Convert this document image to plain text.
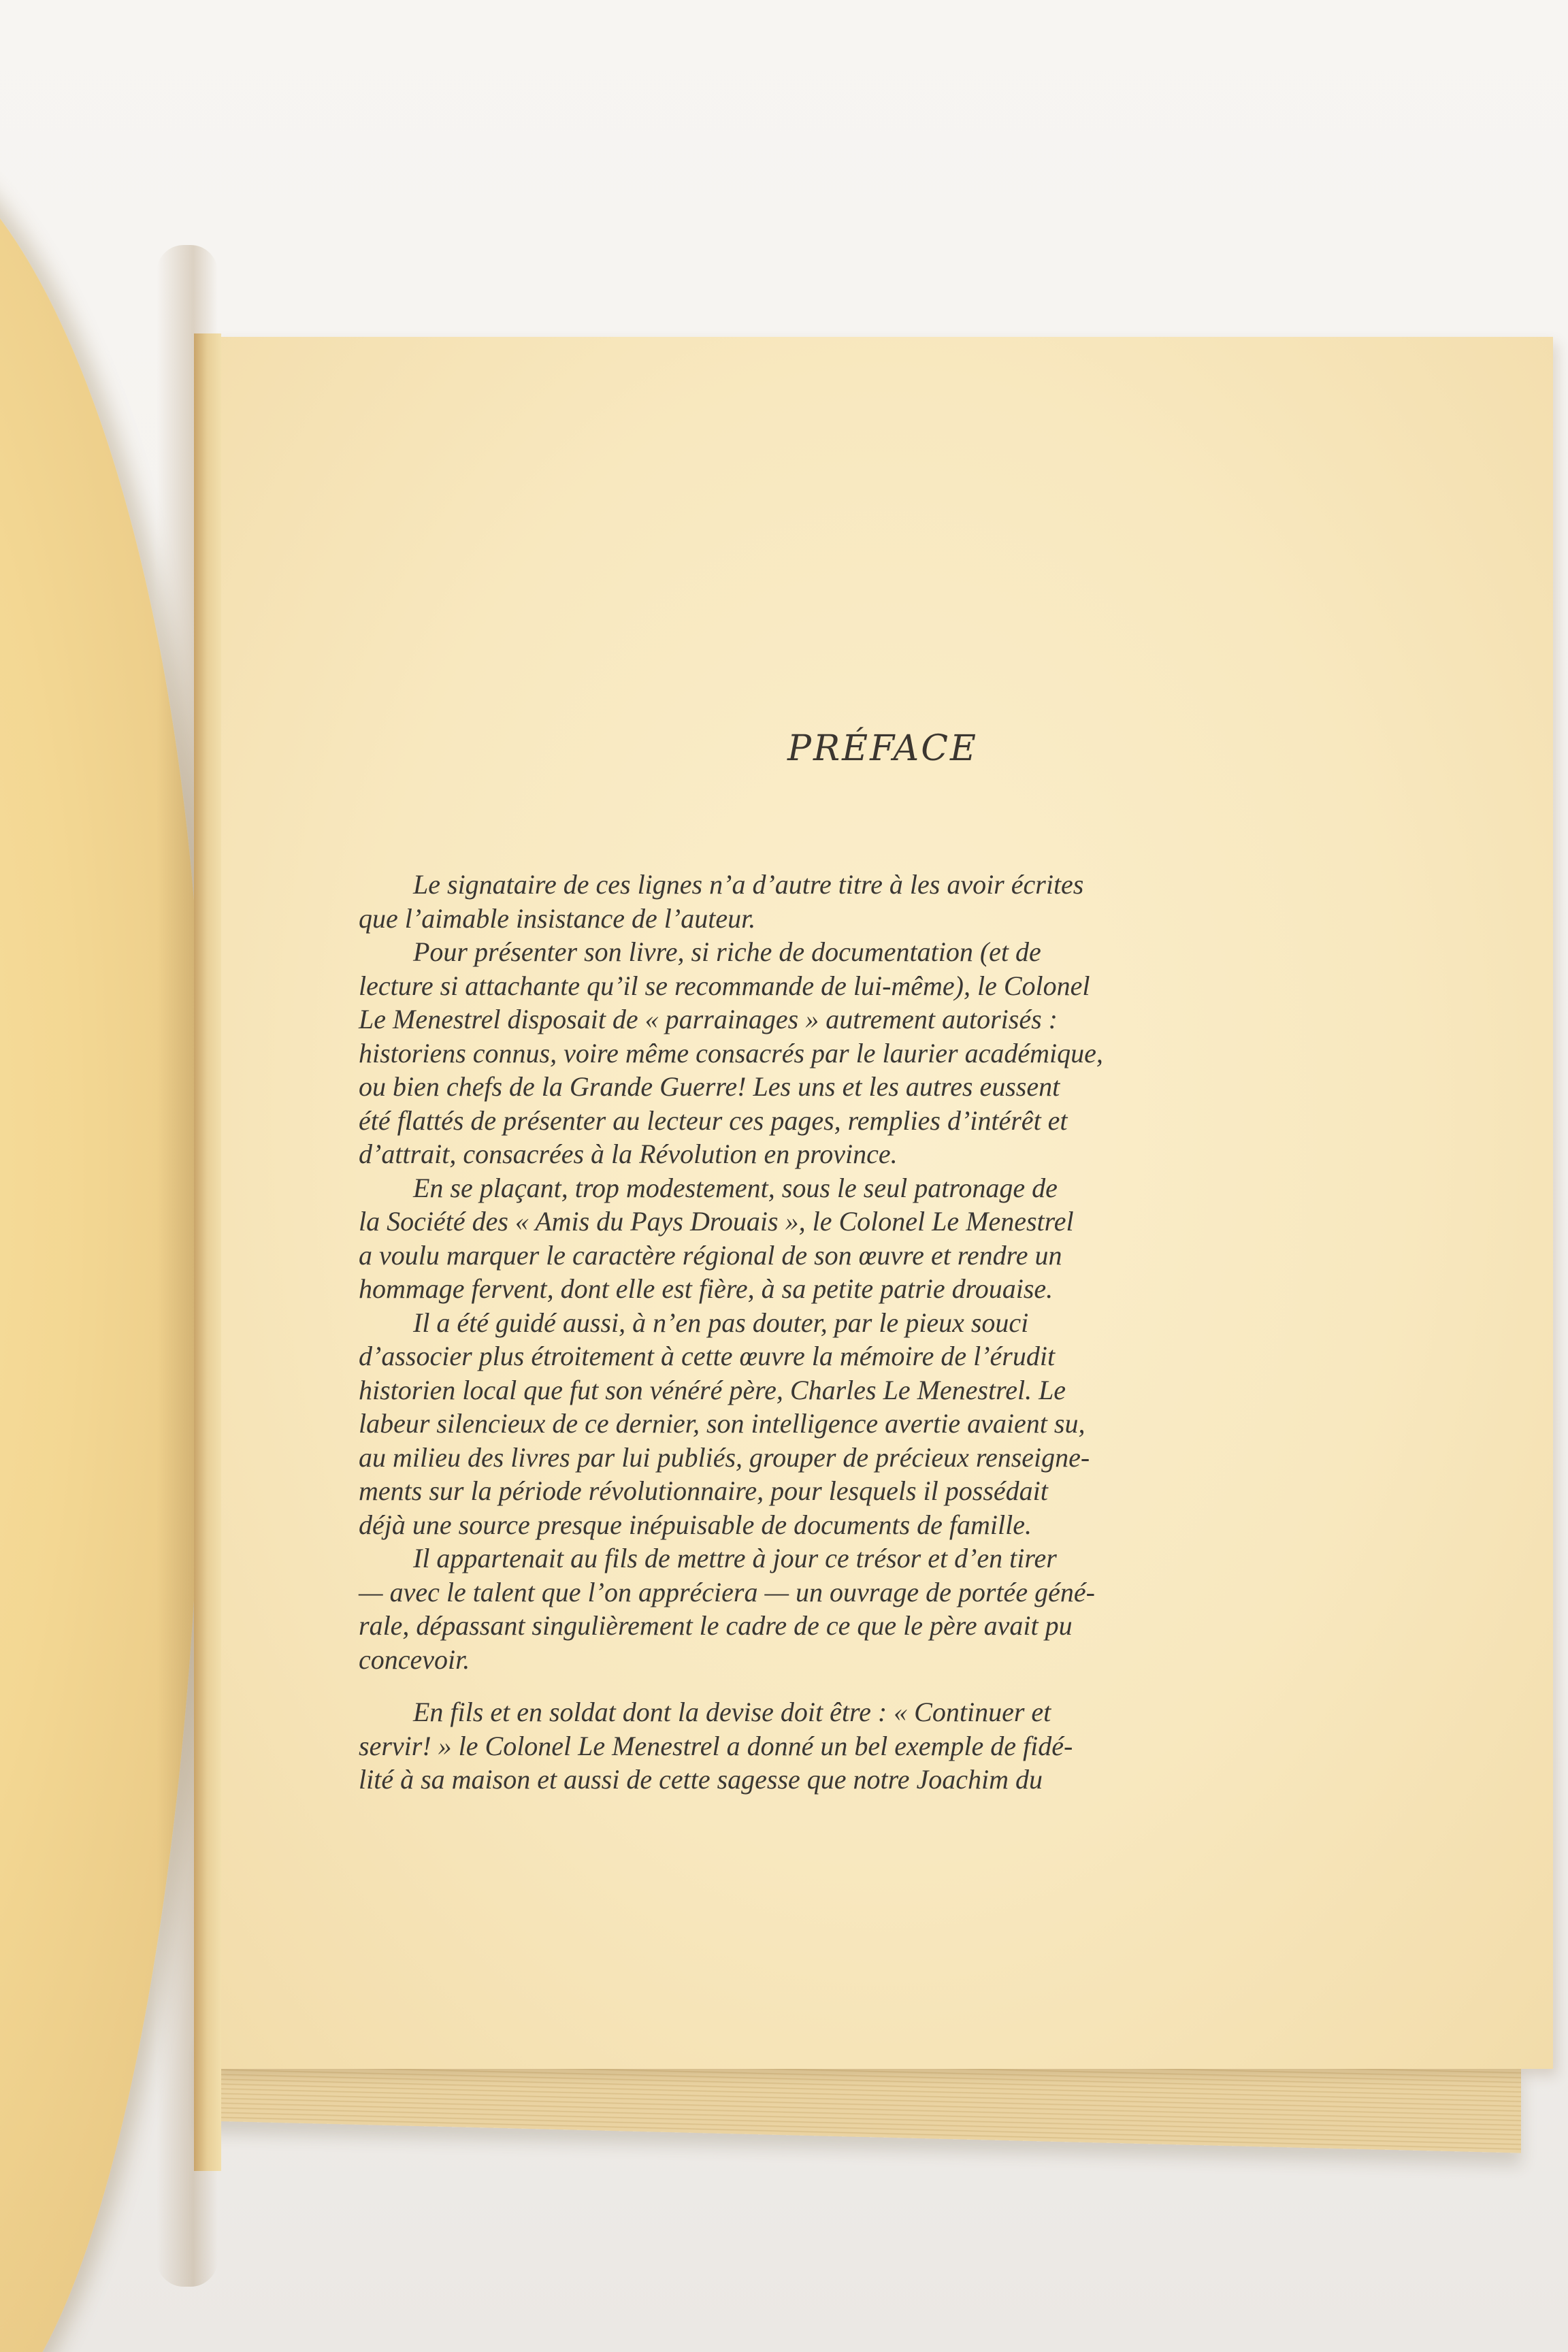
PRÉFACE
Le signataire de ces lignes n’a d’autre titre à les avoir écrites
que l’aimable insistance de l’auteur.
Pour présenter son livre, si riche de documentation (et de
lecture si attachante qu’il se recommande de lui-même), le Colonel
Le Menestrel disposait de « parrainages » autrement autorisés :
historiens connus, voire même consacrés par le laurier académique,
ou bien chefs de la Grande Guerre! Les uns et les autres eussent
été flattés de présenter au lecteur ces pages, remplies d’intérêt et
d’attrait, consacrées à la Révolution en province.
En se plaçant, trop modestement, sous le seul patronage de
la Société des « Amis du Pays Drouais », le Colonel Le Menestrel
a voulu marquer le caractère régional de son œuvre et rendre un
hommage fervent, dont elle est fière, à sa petite patrie drouaise.
Il a été guidé aussi, à n’en pas douter, par le pieux souci
d’associer plus étroitement à cette œuvre la mémoire de l’érudit
historien local que fut son vénéré père, Charles Le Menestrel. Le
labeur silencieux de ce dernier, son intelligence avertie avaient su,
au milieu des livres par lui publiés, grouper de précieux renseigne-
ments sur la période révolutionnaire, pour lesquels il possédait
déjà une source presque inépuisable de documents de famille.
Il appartenait au fils de mettre à jour ce trésor et d’en tirer
— avec le talent que l’on appréciera — un ouvrage de portée géné-
rale, dépassant singulièrement le cadre de ce que le père avait pu
concevoir.
En fils et en soldat dont la devise doit être : « Continuer et
servir! » le Colonel Le Menestrel a donné un bel exemple de fidé-
lité à sa maison et aussi de cette sagesse que notre Joachim du
